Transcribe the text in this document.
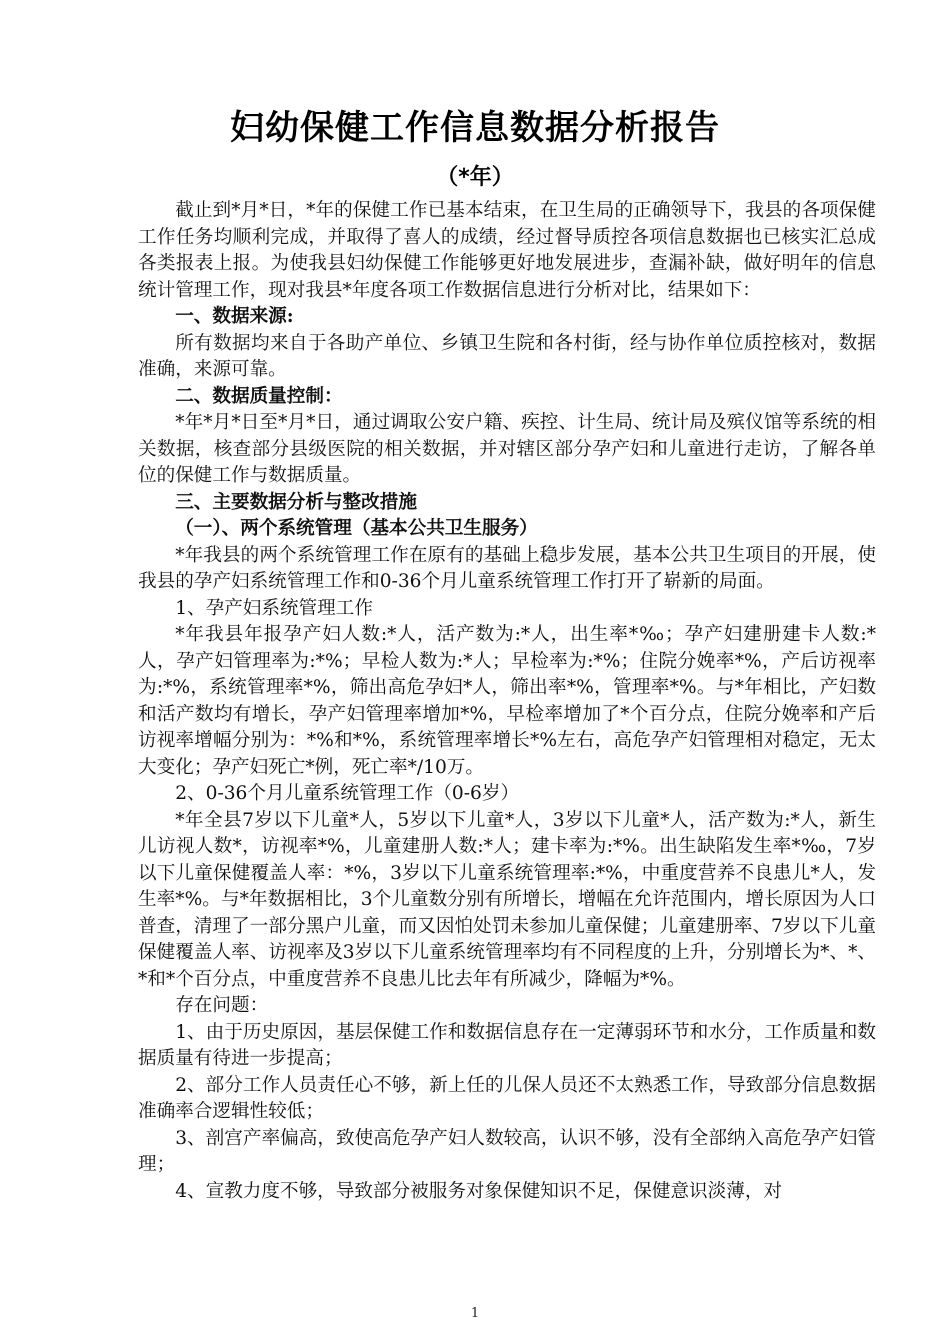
妇幼保健工作信息数据分析报告
（*年）

截止到*月*日，*年的保健工作已基本结束，在卫生局的正确领导下，我县的各项保健工作任务均顺利完成，并取得了喜人的成绩，经过督导质控各项信息数据也已核实汇总成各类报表上报。为使我县妇幼保健工作能够更好地发展进步，查漏补缺，做好明年的信息统计管理工作，现对我县*年度各项工作数据信息进行分析对比，结果如下：

一、数据来源:

所有数据均来自于各助产单位、乡镇卫生院和各村街，经与协作单位质控核对，数据准确，来源可靠。

二、数据质量控制：

*年*月*日至*月*日，通过调取公安户籍、疾控、计生局、统计局及殡仪馆等系统的相关数据，核查部分县级医院的相关数据，并对辖区部分孕产妇和儿童进行走访，了解各单位的保健工作与数据质量。

三、主要数据分析与整改措施

（一）、两个系统管理（基本公共卫生服务）

*年我县的两个系统管理工作在原有的基础上稳步发展，基本公共卫生项目的开展，使我县的孕产妇系统管理工作和0-36个月儿童系统管理工作打开了崭新的局面。

1、孕产妇系统管理工作

*年我县年报孕产妇人数:*人，活产数为:*人，出生率*‰；孕产妇建册建卡人数:*人，孕产妇管理率为:*%；早检人数为:*人；早检率为:*%；住院分娩率*%，产后访视率为:*%，系统管理率*%，筛出高危孕妇*人，筛出率*%，管理率*%。与*年相比，产妇数和活产数均有增长，孕产妇管理率增加*%，早检率增加了*个百分点，住院分娩率和产后访视率增幅分别为：*%和*%，系统管理率增长*%左右，高危孕产妇管理相对稳定，无太大变化；孕产妇死亡*例，死亡率*/10万。

2、0-36个月儿童系统管理工作（0-6岁）

*年全县7岁以下儿童*人，5岁以下儿童*人，3岁以下儿童*人，活产数为:*人，新生儿访视人数*，访视率*%，儿童建册人数:*人；建卡率为:*%。出生缺陷发生率*‰，7岁以下儿童保健覆盖人率：*%，3岁以下儿童系统管理率:*%，中重度营养不良患儿*人，发生率*%。与*年数据相比，3个儿童数分别有所增长，增幅在允许范围内，增长原因为人口普查，清理了一部分黑户儿童，而又因怕处罚未参加儿童保健；儿童建册率、7岁以下儿童保健覆盖人率、访视率及3岁以下儿童系统管理率均有不同程度的上升，分别增长为*、*、*和*个百分点，中重度营养不良患儿比去年有所减少，降幅为*%。

存在问题：

1、由于历史原因，基层保健工作和数据信息存在一定薄弱环节和水分，工作质量和数据质量有待进一步提高；

2、部分工作人员责任心不够，新上任的儿保人员还不太熟悉工作，导致部分信息数据准确率合逻辑性较低；

3、剖宫产率偏高，致使高危孕产妇人数较高，认识不够，没有全部纳入高危孕产妇管理；

4、宣教力度不够，导致部分被服务对象保健知识不足，保健意识淡薄，对

1
